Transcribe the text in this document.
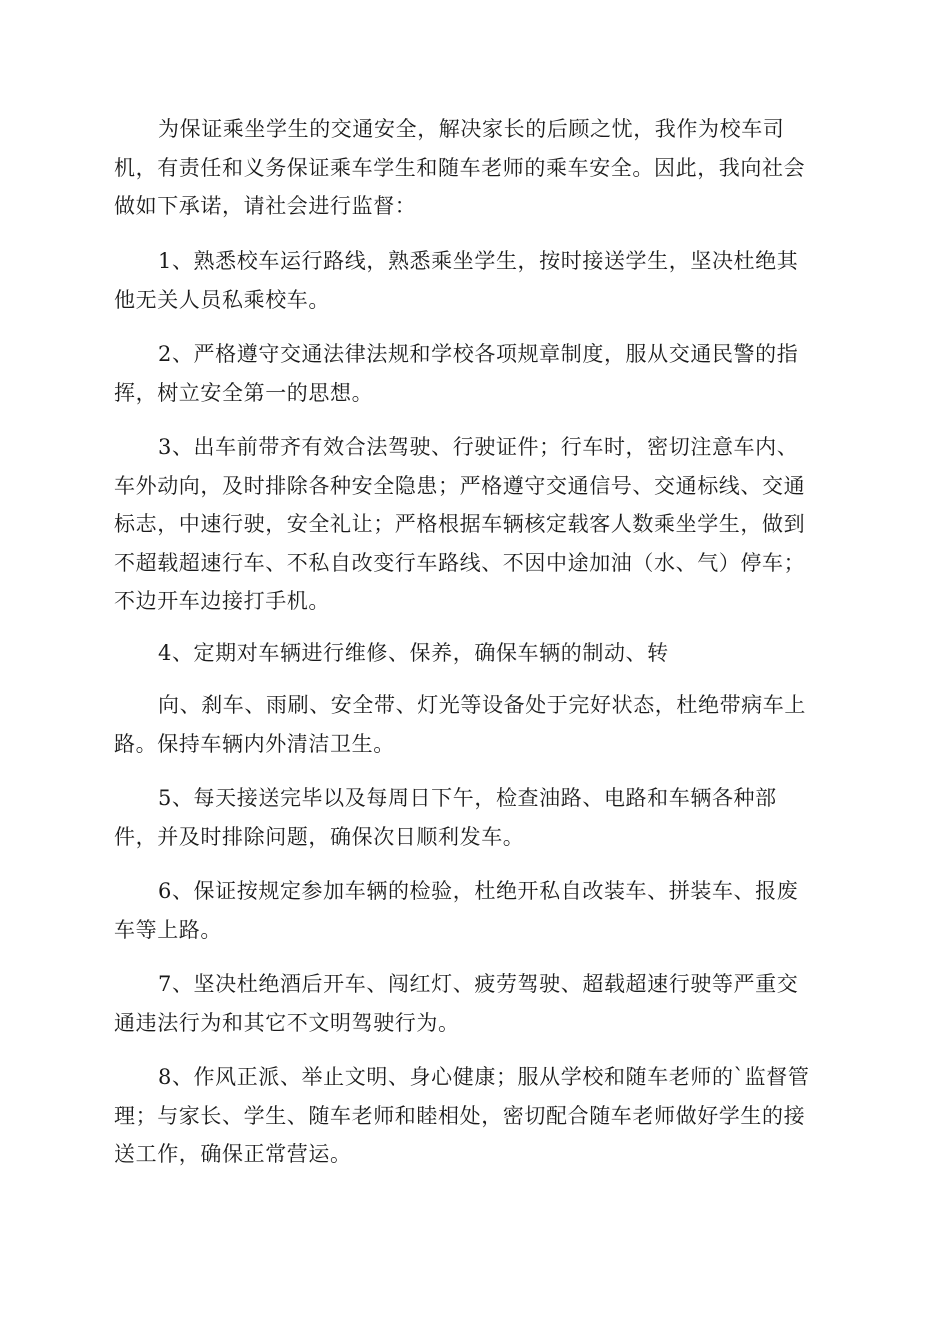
为保证乘坐学生的交通安全，解决家长的后顾之忧，我作为校车司
机，有责任和义务保证乘车学生和随车老师的乘车安全。因此，我向社会
做如下承诺，请社会进行监督：

1、熟悉校车运行路线，熟悉乘坐学生，按时接送学生，坚决杜绝其
他无关人员私乘校车。

2、严格遵守交通法律法规和学校各项规章制度，服从交通民警的指
挥，树立安全第一的思想。

3、出车前带齐有效合法驾驶、行驶证件；行车时，密切注意车内、
车外动向，及时排除各种安全隐患；严格遵守交通信号、交通标线、交通
标志，中速行驶，安全礼让；严格根据车辆核定载客人数乘坐学生，做到
不超载超速行车、不私自改变行车路线、不因中途加油（水、气）停车；
不边开车边接打手机。

4、定期对车辆进行维修、保养，确保车辆的制动、转

向、刹车、雨刷、安全带、灯光等设备处于完好状态，杜绝带病车上
路。保持车辆内外清洁卫生。

5、每天接送完毕以及每周日下午，检查油路、电路和车辆各种部
件，并及时排除问题，确保次日顺利发车。

6、保证按规定参加车辆的检验，杜绝开私自改装车、拼装车、报废
车等上路。

7、坚决杜绝酒后开车、闯红灯、疲劳驾驶、超载超速行驶等严重交
通违法行为和其它不文明驾驶行为。

8、作风正派、举止文明、身心健康；服从学校和随车老师的`监督管
理；与家长、学生、随车老师和睦相处，密切配合随车老师做好学生的接
送工作，确保正常营运。
